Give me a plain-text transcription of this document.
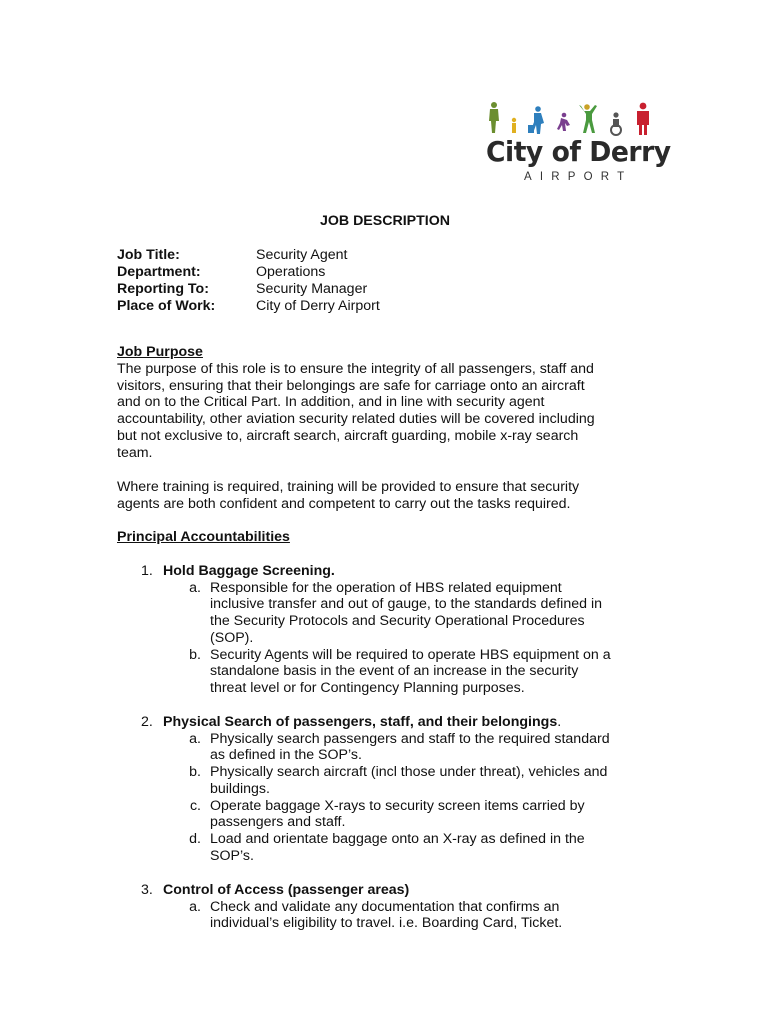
City of Derry
AIRPORT
JOB DESCRIPTION
Job Title:	Security Agent
Department:	Operations
Reporting To:	Security Manager
Place of Work:	City of Derry Airport
Job Purpose

The purpose of this role is to ensure the integrity of all passengers, staff and

visitors, ensuring that their belongings are safe for carriage onto an aircraft

and on to the Critical Part. In addition, and in line with security agent

accountability, other aviation security related duties will be covered including

but not exclusive to, aircraft search, aircraft guarding, mobile x-ray search

team.

Where training is required, training will be provided to ensure that security

agents are both confident and competent to carry out the tasks required.

Principal Accountabilities
1. Hold Baggage Screening.
a. Responsible for the operation of HBS related equipment
inclusive transfer and out of gauge, to the standards defined in
the Security Protocols and Security Operational Procedures
(SOP).
b. Security Agents will be required to operate HBS equipment on a
standalone basis in the event of an increase in the security
threat level or for Contingency Planning purposes.
2. Physical Search of passengers, staff, and their belongings.
a. Physically search passengers and staff to the required standard
as defined in the SOP’s.
b. Physically search aircraft (incl those under threat), vehicles and
buildings.
c. Operate baggage X-rays to security screen items carried by
passengers and staff.
d. Load and orientate baggage onto an X-ray as defined in the
SOP’s.
3. Control of Access (passenger areas)
a. Check and validate any documentation that confirms an
individual’s eligibility to travel. i.e. Boarding Card, Ticket.
